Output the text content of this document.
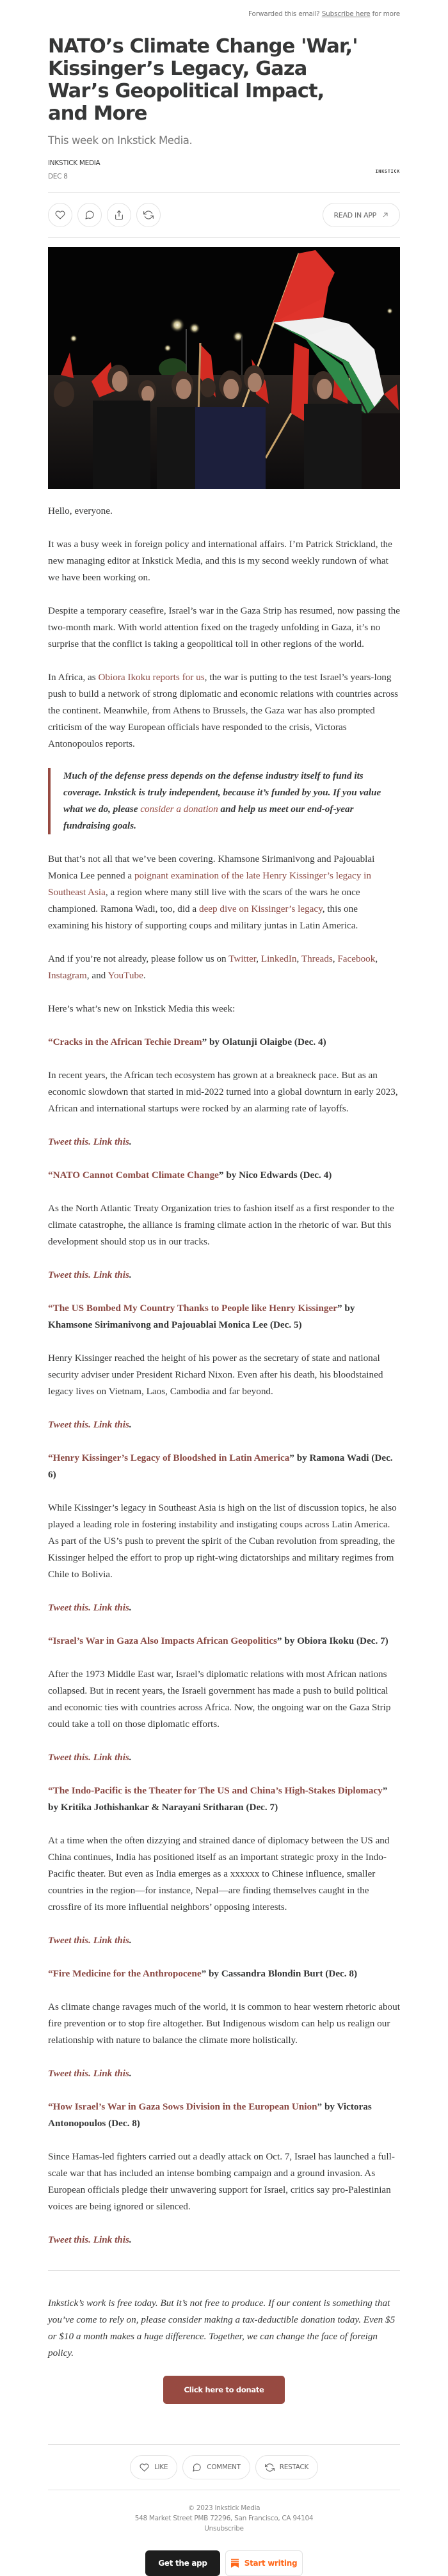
Forwarded this email? Subscribe here for more
NATO’s Climate Change 'War,' Kissinger’s Legacy, Gaza War’s Geopolitical Impact, and More
This week on Inkstick Media.
INKSTICK MEDIA
DEC 8
INKSTICK
READ IN APP

Hello, everyone.

It was a busy week in foreign policy and international affairs. I’m Patrick Strickland, the new managing editor at Inkstick Media, and this is my second weekly rundown of what we have been working on.

Despite a temporary ceasefire, Israel’s war in the Gaza Strip has resumed, now passing the two-month mark. With world attention fixed on the tragedy unfolding in Gaza, it’s no surprise that the conflict is taking a geopolitical toll in other regions of the world.

In Africa, as Obiora Ikoku reports for us, the war is putting to the test Israel’s years-long push to build a network of strong diplomatic and economic relations with countries across the continent. Meanwhile, from Athens to Brussels, the Gaza war has also prompted criticism of the way European officials have responded to the crisis, Victoras Antonopoulos reports.

Much of the defense press depends on the defense industry itself to fund its coverage. Inkstick is truly independent, because it’s funded by you. If you value what we do, please consider a donation and help us meet our end-of-year fundraising goals.

But that’s not all that we’ve been covering. Khamsone Sirimanivong and Pajouablai Monica Lee penned a poignant examination of the late Henry Kissinger’s legacy in Southeast Asia, a region where many still live with the scars of the wars he once championed. Ramona Wadi, too, did a deep dive on Kissinger’s legacy, this one examining his history of supporting coups and military juntas in Latin America.

And if you’re not already, please follow us on Twitter, LinkedIn, Threads, Facebook, Instagram, and YouTube.

Here’s what’s new on Inkstick Media this week:

“Cracks in the African Techie Dream” by Olatunji Olaigbe (Dec. 4)

In recent years, the African tech ecosystem has grown at a breakneck pace. But as an economic slowdown that started in mid-2022 turned into a global downturn in early 2023, African and international startups were rocked by an alarming rate of layoffs.

Tweet this. Link this.

“NATO Cannot Combat Climate Change” by Nico Edwards (Dec. 4)

As the North Atlantic Treaty Organization tries to fashion itself as a first responder to the climate catastrophe, the alliance is framing climate action in the rhetoric of war. But this development should stop us in our tracks.

Tweet this. Link this.

“The US Bombed My Country Thanks to People like Henry Kissinger” by Khamsone Sirimanivong and Pajouablai Monica Lee (Dec. 5)

Henry Kissinger reached the height of his power as the secretary of state and national security adviser under President Richard Nixon. Even after his death, his bloodstained legacy lives on Vietnam, Laos, Cambodia and far beyond.

Tweet this. Link this.

“Henry Kissinger’s Legacy of Bloodshed in Latin America” by Ramona Wadi (Dec. 6)

While Kissinger’s legacy in Southeast Asia is high on the list of discussion topics, he also played a leading role in fostering instability and instigating coups across Latin America. As part of the US’s push to prevent the spirit of the Cuban revolution from spreading, the Kissinger helped the effort to prop up right-wing dictatorships and military regimes from Chile to Bolivia.

Tweet this. Link this.

“Israel’s War in Gaza Also Impacts African Geopolitics” by Obiora Ikoku (Dec. 7)

After the 1973 Middle East war, Israel’s diplomatic relations with most African nations collapsed. But in recent years, the Israeli government has made a push to build political and economic ties with countries across Africa. Now, the ongoing war on the Gaza Strip could take a toll on those diplomatic efforts.

Tweet this. Link this.

“The Indo-Pacific is the Theater for The US and China’s High-Stakes Diplomacy” by Kritika Jothishankar & Narayani Sritharan (Dec. 7)

At a time when the often dizzying and strained dance of diplomacy between the US and China continues, India has positioned itself as an important strategic proxy in the Indo-Pacific theater. But even as India emerges as a xxxxxx to Chinese influence, smaller countries in the region—for instance, Nepal—are finding themselves caught in the crossfire of its more influential neighbors’ opposing interests.

Tweet this. Link this.

“Fire Medicine for the Anthropocene” by Cassandra Blondin Burt (Dec. 8)

As climate change ravages much of the world, it is common to hear western rhetoric about fire prevention or to stop fire altogether. But Indigenous wisdom can help us realign our relationship with nature to balance the climate more holistically.

Tweet this. Link this.

“How Israel’s War in Gaza Sows Division in the European Union” by Victoras Antonopoulos (Dec. 8)

Since Hamas-led fighters carried out a deadly attack on Oct. 7, Israel has launched a full-scale war that has included an intense bombing campaign and a ground invasion. As European officials pledge their unwavering support for Israel, critics say pro-Palestinian voices are being ignored or silenced.

Tweet this. Link this.

Inkstick’s work is free today. But it’s not free to produce. If our content is something that you’ve come to rely on, please consider making a tax-deductible donation today. Even $5 or $10 a month makes a huge difference. Together, we can change the face of foreign policy.

Click here to donate today.
LIKE	COMMENT	RESTACK
© 2023 Inkstick Media
548 Market Street PMB 72296, San Francisco, CA 94104
Unsubscribe
Get the app	Start writing
